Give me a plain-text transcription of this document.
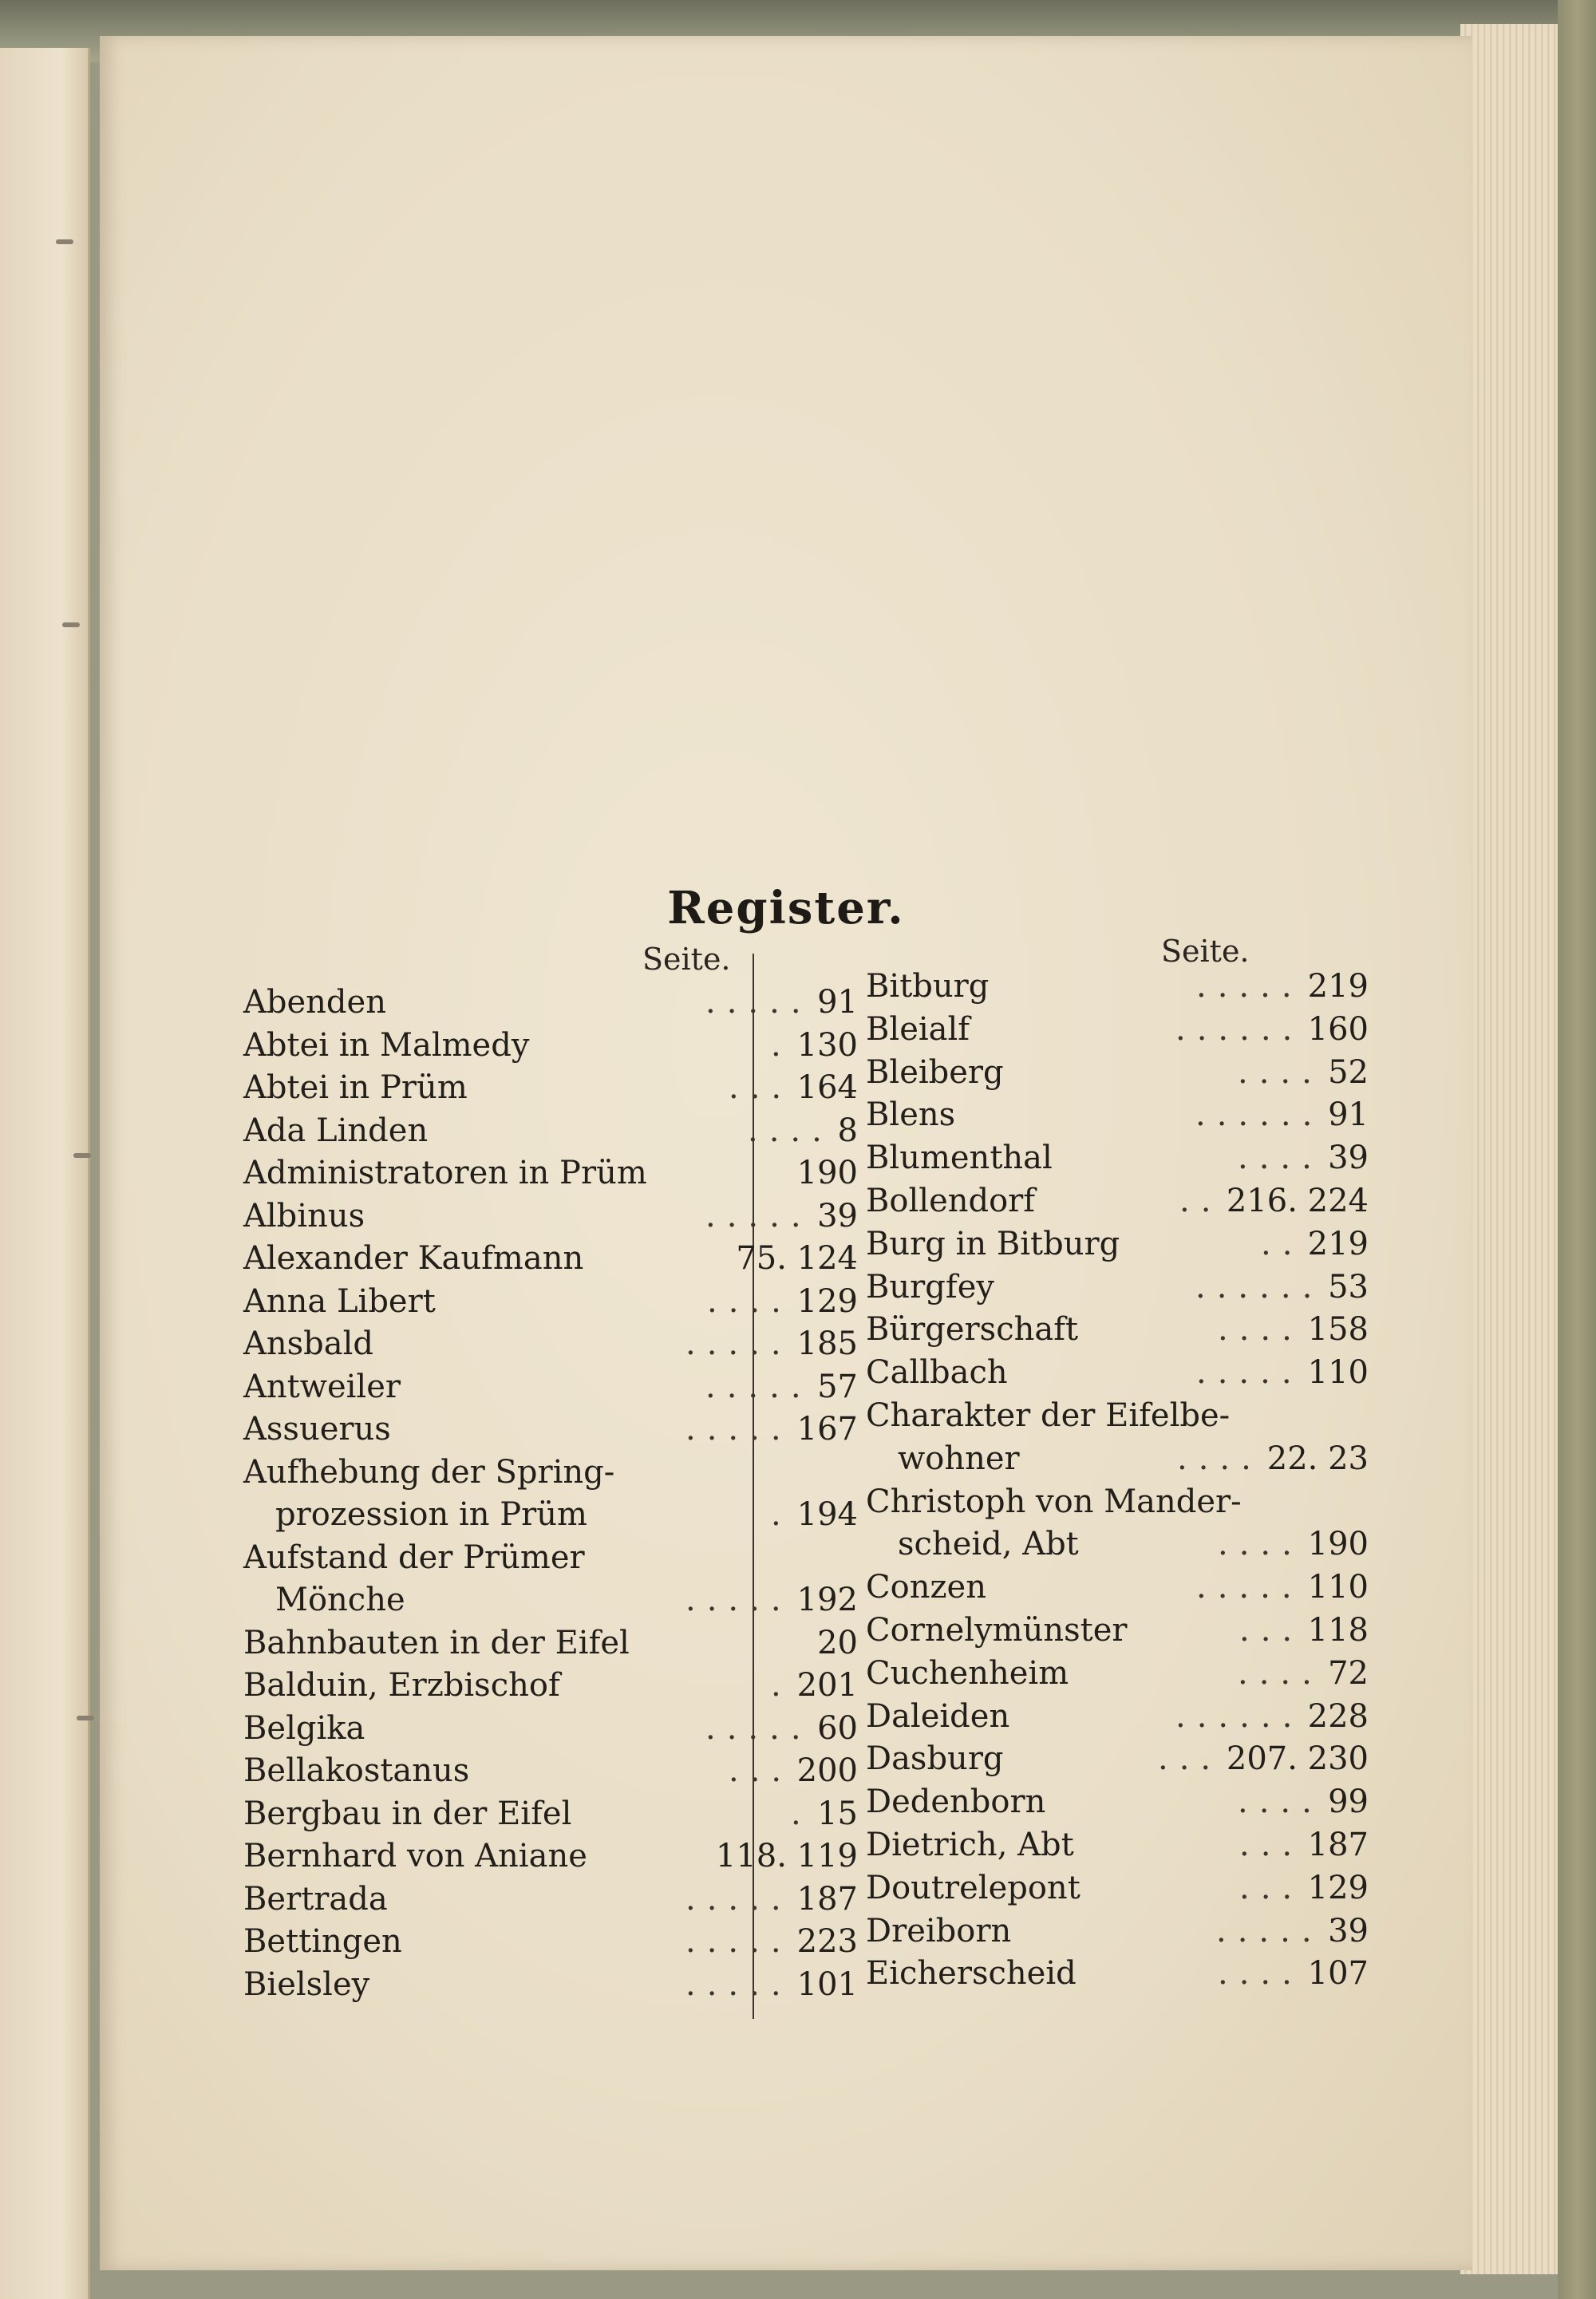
Register.
Seite.	Seite.
Abenden	..... 91
Abtei in Malmedy	. 130
Abtei in Prüm	... 164
Ada Linden	.... 8
Administratoren in Prüm	190
Albinus	..... 39
Alexander Kaufmann	75. 124
Anna Libert	.... 129
Ansbald	..... 185
Antweiler	..... 57
Assuerus	..... 167
Aufhebung der Spring-
prozession in Prüm	. 194
Aufstand der Prümer
Mönche	..... 192
Bahnbauten in der Eifel	20
Balduin, Erzbischof	. 201
Belgika	..... 60
Bellakostanus	... 200
Bergbau in der Eifel	. 15
Bernhard von Aniane	118. 119
Bertrada	..... 187
Bettingen	..... 223
Bielsley	..... 101
Bitburg	..... 219
Bleialf	...... 160
Bleiberg	.... 52
Blens	...... 91
Blumenthal	.... 39
Bollendorf	.. 216. 224
Burg in Bitburg	.. 219
Burgfey	...... 53
Bürgerschaft	.... 158
Callbach	..... 110
Charakter der Eifelbe-
wohner	.... 22. 23
Christoph von Mander-
scheid, Abt	.... 190
Conzen	..... 110
Cornelymünster	... 118
Cuchenheim	.... 72
Daleiden	...... 228
Dasburg	... 207. 230
Dedenborn	.... 99
Dietrich, Abt	... 187
Doutrelepont	... 129
Dreiborn	..... 39
Eicherscheid	.... 107
